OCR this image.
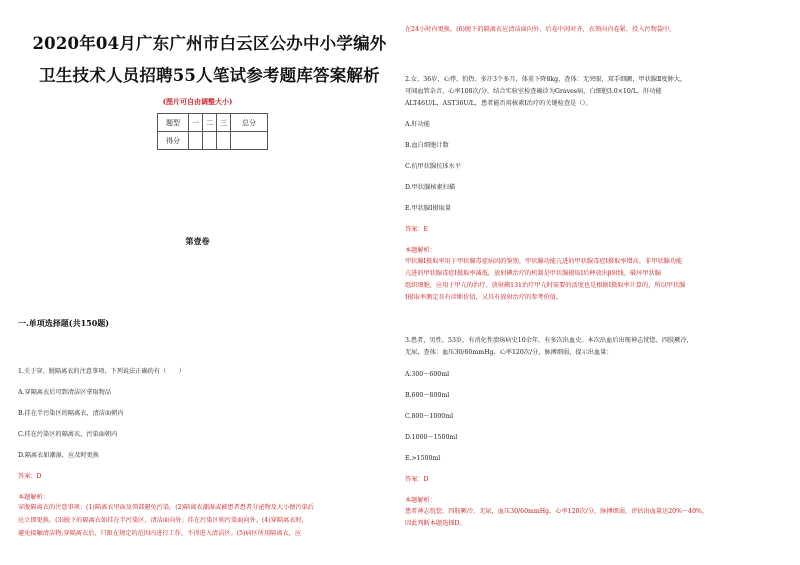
2020年04月广东广州市白云区公办中小学编外
卫生技术人员招聘55人笔试参考题库答案解析
(图片可自由调整大小)
题型	一	二	三	总分
得分				
第壹卷
一.单项选择题(共150题)
1.关于穿、脱隔离衣的注意事项，下列说法正确的有（　　）
A.穿隔离衣后可到清洁区拿取物品
B.挂在半污染区的隔离衣，清洁面朝内
C.挂在污染区的隔离衣，污染面朝内
D.隔离衣如潮湿，应及时更换
答案：D
本题解析：
穿脱隔离衣的注意事项：(1)隔离衣里面及领部避免污染。(2)隔离衣潮湿或被患者患者分泌物及大小便污染后
应立即更换。(3)脱下的隔离衣如挂在半污染区，清洁面向外；挂在污染区则污染面向外。(4)穿隔离衣时，
避免接触清洁物;穿隔离衣后，只限在规定的范围内进行工作，不得进入清洁区。(5)病区所用隔离衣，应
在24小时内更换。(6)脱下的隔离衣应清洁面向外，后卷中间对齐，衣领向内卷紧，投入污物袋中。
2.女，36岁，心悸、怕热、多汗3个多月，体重下降8kg，查体：无突眼，双手细颤，甲状腺Ⅱ度肿大，
可闻血管杂音，心率108次/分，结合实验室检查确诊为Graves病，白细胞3.0×10/L，肝功能
ALT46U/L，AST36U/L，患者能否用核素I治疗的关键检查是（）。
A.肝功能
B.血白细胞计数
C.抗甲状腺抗体水平
D.甲状腺核素扫描
E.甲状腺I摄取量
答案：E
本题解析：
甲状腺I摄取率用于甲状腺毒症病因的鉴别，甲状腺功能亢进的甲状腺毒症I摄取率增高，非甲状腺功能
亢进的甲状腺毒症I摄取率减低。放射碘治疗的机制是甲状腺摄取I后释放出β射线，破坏甲状腺
组织细胞，应用于甲亢的治疗。放射碘131治疗甲亢时需要的活度也是根据I摄取率计算的，所以甲状腺
I摄取率测定具有诊断价值，又具有放射治疗的参考价值。
3.患者，男性，53岁，有消化性溃疡病史10余年，有多次出血史。本次出血后出现神志恍惚、四肢厥冷，
无尿，查体：血压30/60mmHg，心率120次/分，脉搏细弱，提示出血量：
A.300～600ml
B.600～800ml
C.800～1000ml
D.1000～1500ml
E.>1500ml
答案：D
本题解析：
患者神志恍惚、四肢厥冷、无尿，血压30/60mmHg，心率120次/分，脉搏细弱，评估出血量达20%～40%，
因此判断本题选择D。
